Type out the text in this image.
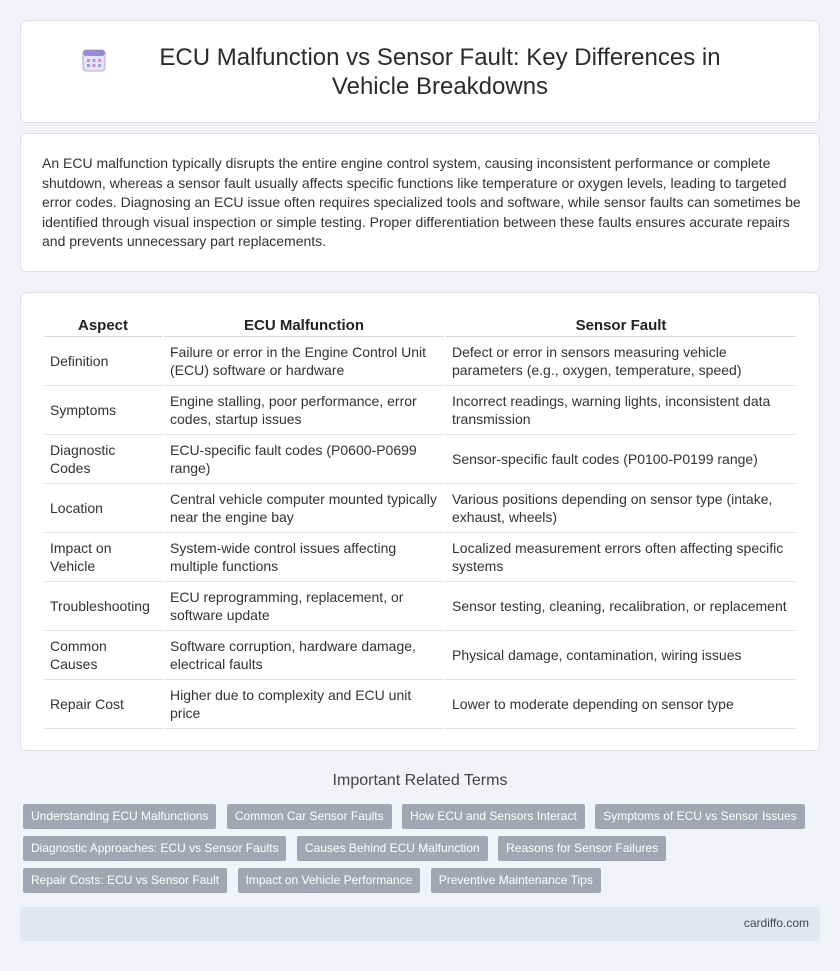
ECU Malfunction vs Sensor Fault: Key Differences in Vehicle Breakdowns

An ECU malfunction typically disrupts the entire engine control system, causing inconsistent performance or complete shutdown, whereas a sensor fault usually affects specific functions like temperature or oxygen levels, leading to targeted error codes. Diagnosing an ECU issue often requires specialized tools and software, while sensor faults can sometimes be identified through visual inspection or simple testing. Proper differentiation between these faults ensures accurate repairs and prevents unnecessary part replacements.

Aspect	ECU Malfunction	Sensor Fault
Definition	Failure or error in the Engine Control Unit (ECU) software or hardware	Defect or error in sensors measuring vehicle parameters (e.g., oxygen, temperature, speed)
Symptoms	Engine stalling, poor performance, error codes, startup issues	Incorrect readings, warning lights, inconsistent data transmission
Diagnostic Codes	ECU-specific fault codes (P0600-P0699 range)	Sensor-specific fault codes (P0100-P0199 range)
Location	Central vehicle computer mounted typically near the engine bay	Various positions depending on sensor type (intake, exhaust, wheels)
Impact on Vehicle	System-wide control issues affecting multiple functions	Localized measurement errors often affecting specific systems
Troubleshooting	ECU reprogramming, replacement, or software update	Sensor testing, cleaning, recalibration, or replacement
Common Causes	Software corruption, hardware damage, electrical faults	Physical damage, contamination, wiring issues
Repair Cost	Higher due to complexity and ECU unit price	Lower to moderate depending on sensor type
Important Related Terms
Understanding ECU Malfunctions Common Car Sensor Faults How ECU and Sensors Interact Symptoms of ECU vs Sensor Issues Diagnostic Approaches: ECU vs Sensor Faults Causes Behind ECU Malfunction Reasons for Sensor Failures Repair Costs: ECU vs Sensor Fault Impact on Vehicle Performance Preventive Maintenance Tips
cardiffo.com
